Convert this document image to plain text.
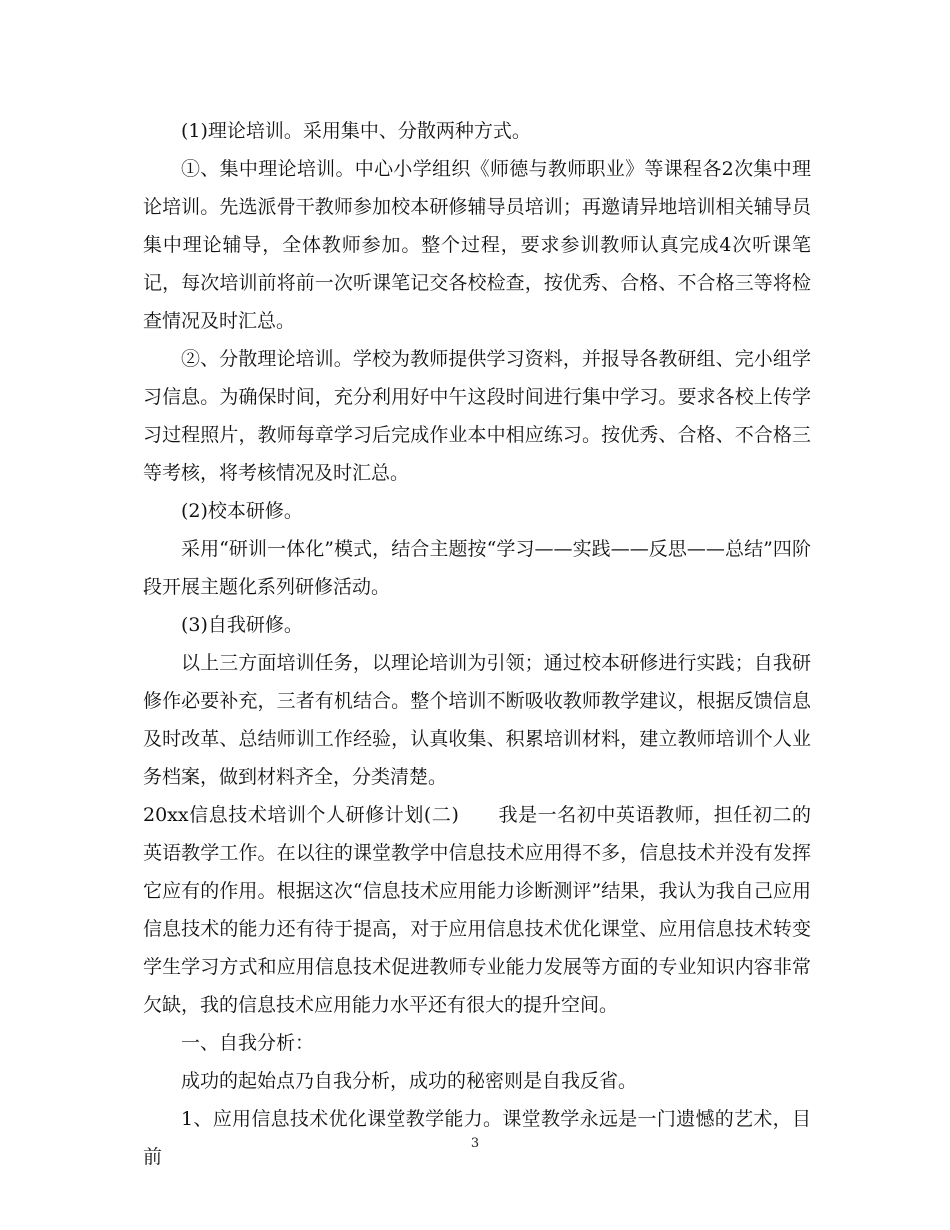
(1)理论培训。采用集中、分散两种方式。

①、集中理论培训。中心小学组织《师德与教师职业》等课程各2次集中理论培训。先选派骨干教师参加校本研修辅导员培训；再邀请异地培训相关辅导员集中理论辅导，全体教师参加。整个过程，要求参训教师认真完成4次听课笔记，每次培训前将前一次听课笔记交各校检查，按优秀、合格、不合格三等将检查情况及时汇总。

②、分散理论培训。学校为教师提供学习资料，并报导各教研组、完小组学习信息。为确保时间，充分利用好中午这段时间进行集中学习。要求各校上传学习过程照片，教师每章学习后完成作业本中相应练习。按优秀、合格、不合格三等考核，将考核情况及时汇总。

(2)校本研修。

采用“研训一体化”模式，结合主题按“学习——实践——反思——总结”四阶段开展主题化系列研修活动。

(3)自我研修。

以上三方面培训任务，以理论培训为引领；通过校本研修进行实践；自我研修作必要补充，三者有机结合。整个培训不断吸收教师教学建议，根据反馈信息及时改革、总结师训工作经验，认真收集、积累培训材料，建立教师培训个人业务档案，做到材料齐全，分类清楚。

20xx信息技术培训个人研修计划(二)　　我是一名初中英语教师，担任初二的英语教学工作。在以往的课堂教学中信息技术应用得不多，信息技术并没有发挥它应有的作用。根据这次“信息技术应用能力诊断测评”结果，我认为我自己应用信息技术的能力还有待于提高，对于应用信息技术优化课堂、应用信息技术转变学生学习方式和应用信息技术促进教师专业能力发展等方面的专业知识内容非常欠缺，我的信息技术应用能力水平还有很大的提升空间。

一、自我分析：

成功的起始点乃自我分析，成功的秘密则是自我反省。

1、应用信息技术优化课堂教学能力。课堂教学永远是一门遗憾的艺术，目前

3
